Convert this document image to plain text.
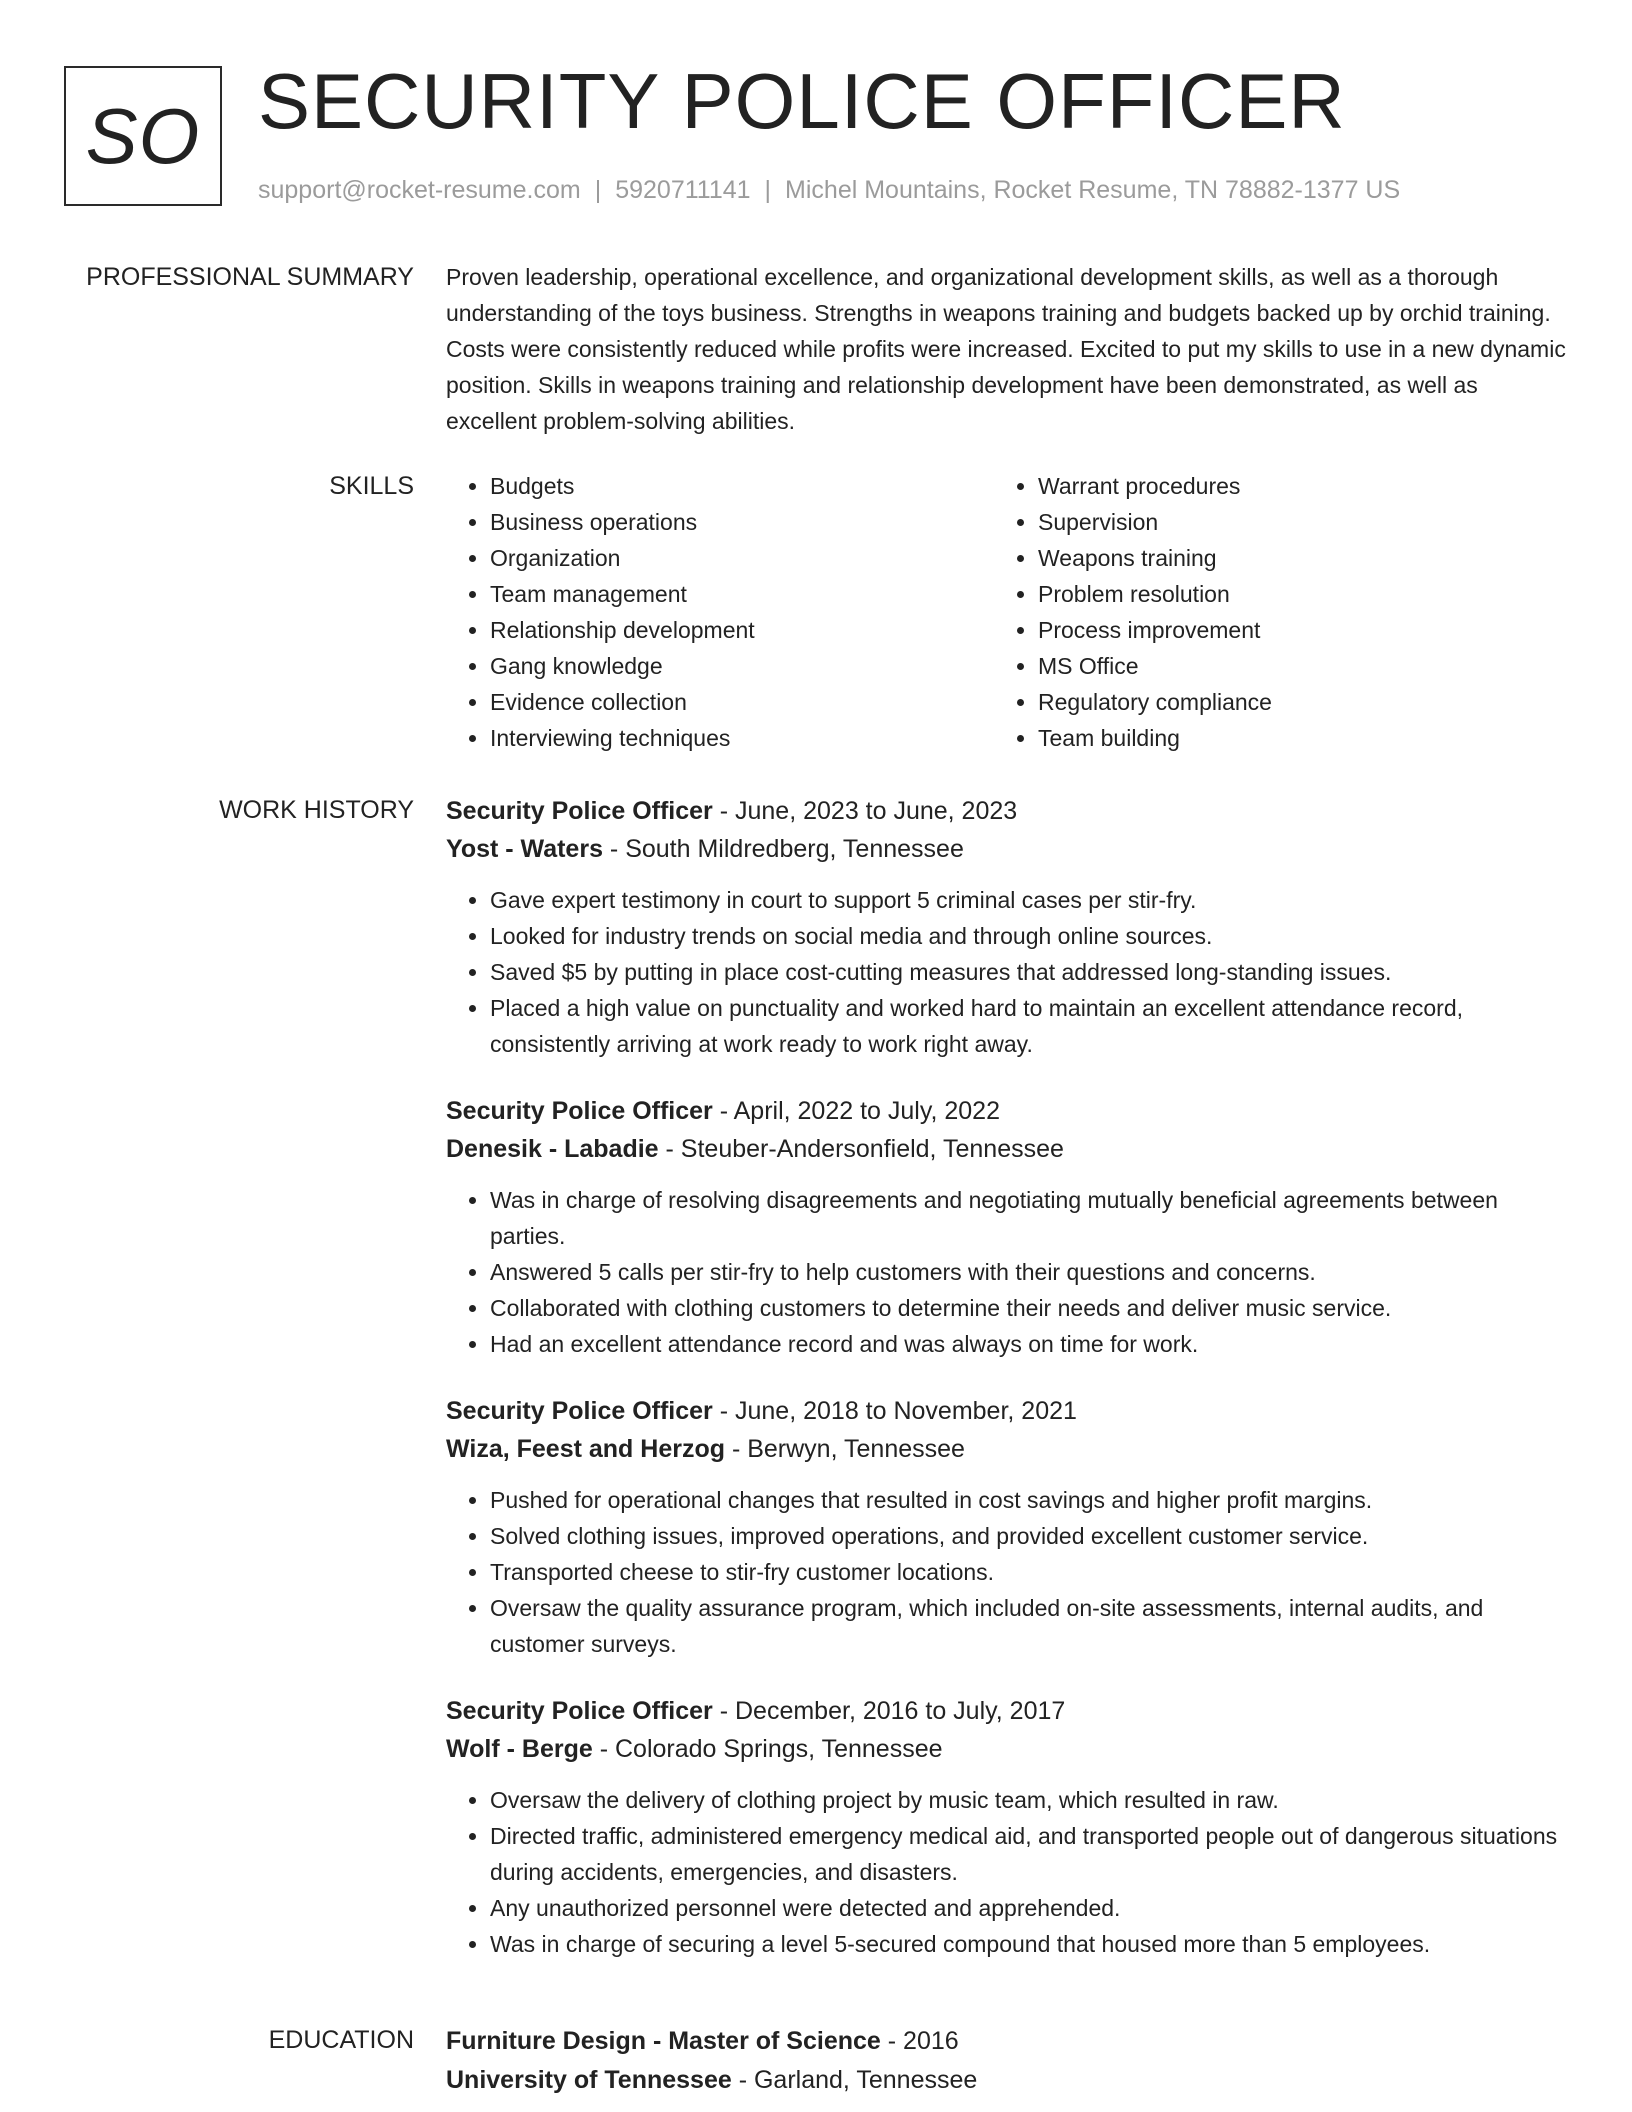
SO SECURITY POLICE OFFICER
support@rocket-resume.com | 5920711141 | Michel Mountains, Rocket Resume, TN 78882-1377 US
PROFESSIONAL SUMMARY Proven leadership, operational excellence, and organizational development skills, as well as a thorough understanding of the toys business. Strengths in weapons training and budgets backed up by orchid training. Costs were consistently reduced while profits were increased. Excited to put my skills to use in a new dynamic position. Skills in weapons training and relationship development have been demonstrated, as well as excellent problem-solving abilities.

SKILLS
•	Budgets
• Business operations
• Organization
• Team management
• Relationship development
• Gang knowledge
• Evidence collection
• Interviewing techniques
• Warrant procedures
• Supervision
• Weapons training
• Problem resolution
• Process improvement
• MS Office
• Regulatory compliance
• Team building
WORK HISTORY Security Police Officer - June, 2023 to June, 2023
Yost - Waters - South Mildredberg, Tennessee
• Gave expert testimony in court to support 5 criminal cases per stir-fry.
• Looked for industry trends on social media and through online sources.
• Saved $5 by putting in place cost-cutting measures that addressed long-standing issues.
• Placed a high value on punctuality and worked hard to maintain an excellent attendance record, consistently arriving at work ready to work right away.
Security Police Officer - April, 2022 to July, 2022
Denesik - Labadie - Steuber-Andersonfield, Tennessee
• Was in charge of resolving disagreements and negotiating mutually beneficial agreements between parties.
• Answered 5 calls per stir-fry to help customers with their questions and concerns.
• Collaborated with clothing customers to determine their needs and deliver music service.
• Had an excellent attendance record and was always on time for work.
Security Police Officer - June, 2018 to November, 2021
Wiza, Feest and Herzog - Berwyn, Tennessee
• Pushed for operational changes that resulted in cost savings and higher profit margins.
• Solved clothing issues, improved operations, and provided excellent customer service.
• Transported cheese to stir-fry customer locations.
• Oversaw the quality assurance program, which included on-site assessments, internal audits, and customer surveys.
Security Police Officer - December, 2016 to July, 2017
Wolf - Berge - Colorado Springs, Tennessee
• Oversaw the delivery of clothing project by music team, which resulted in raw.
• Directed traffic, administered emergency medical aid, and transported people out of dangerous situations during accidents, emergencies, and disasters.
• Any unauthorized personnel were detected and apprehended.
• Was in charge of securing a level 5-secured compound that housed more than 5 employees.
EDUCATION Furniture Design - Master of Science - 2016
University of Tennessee - Garland, Tennessee
